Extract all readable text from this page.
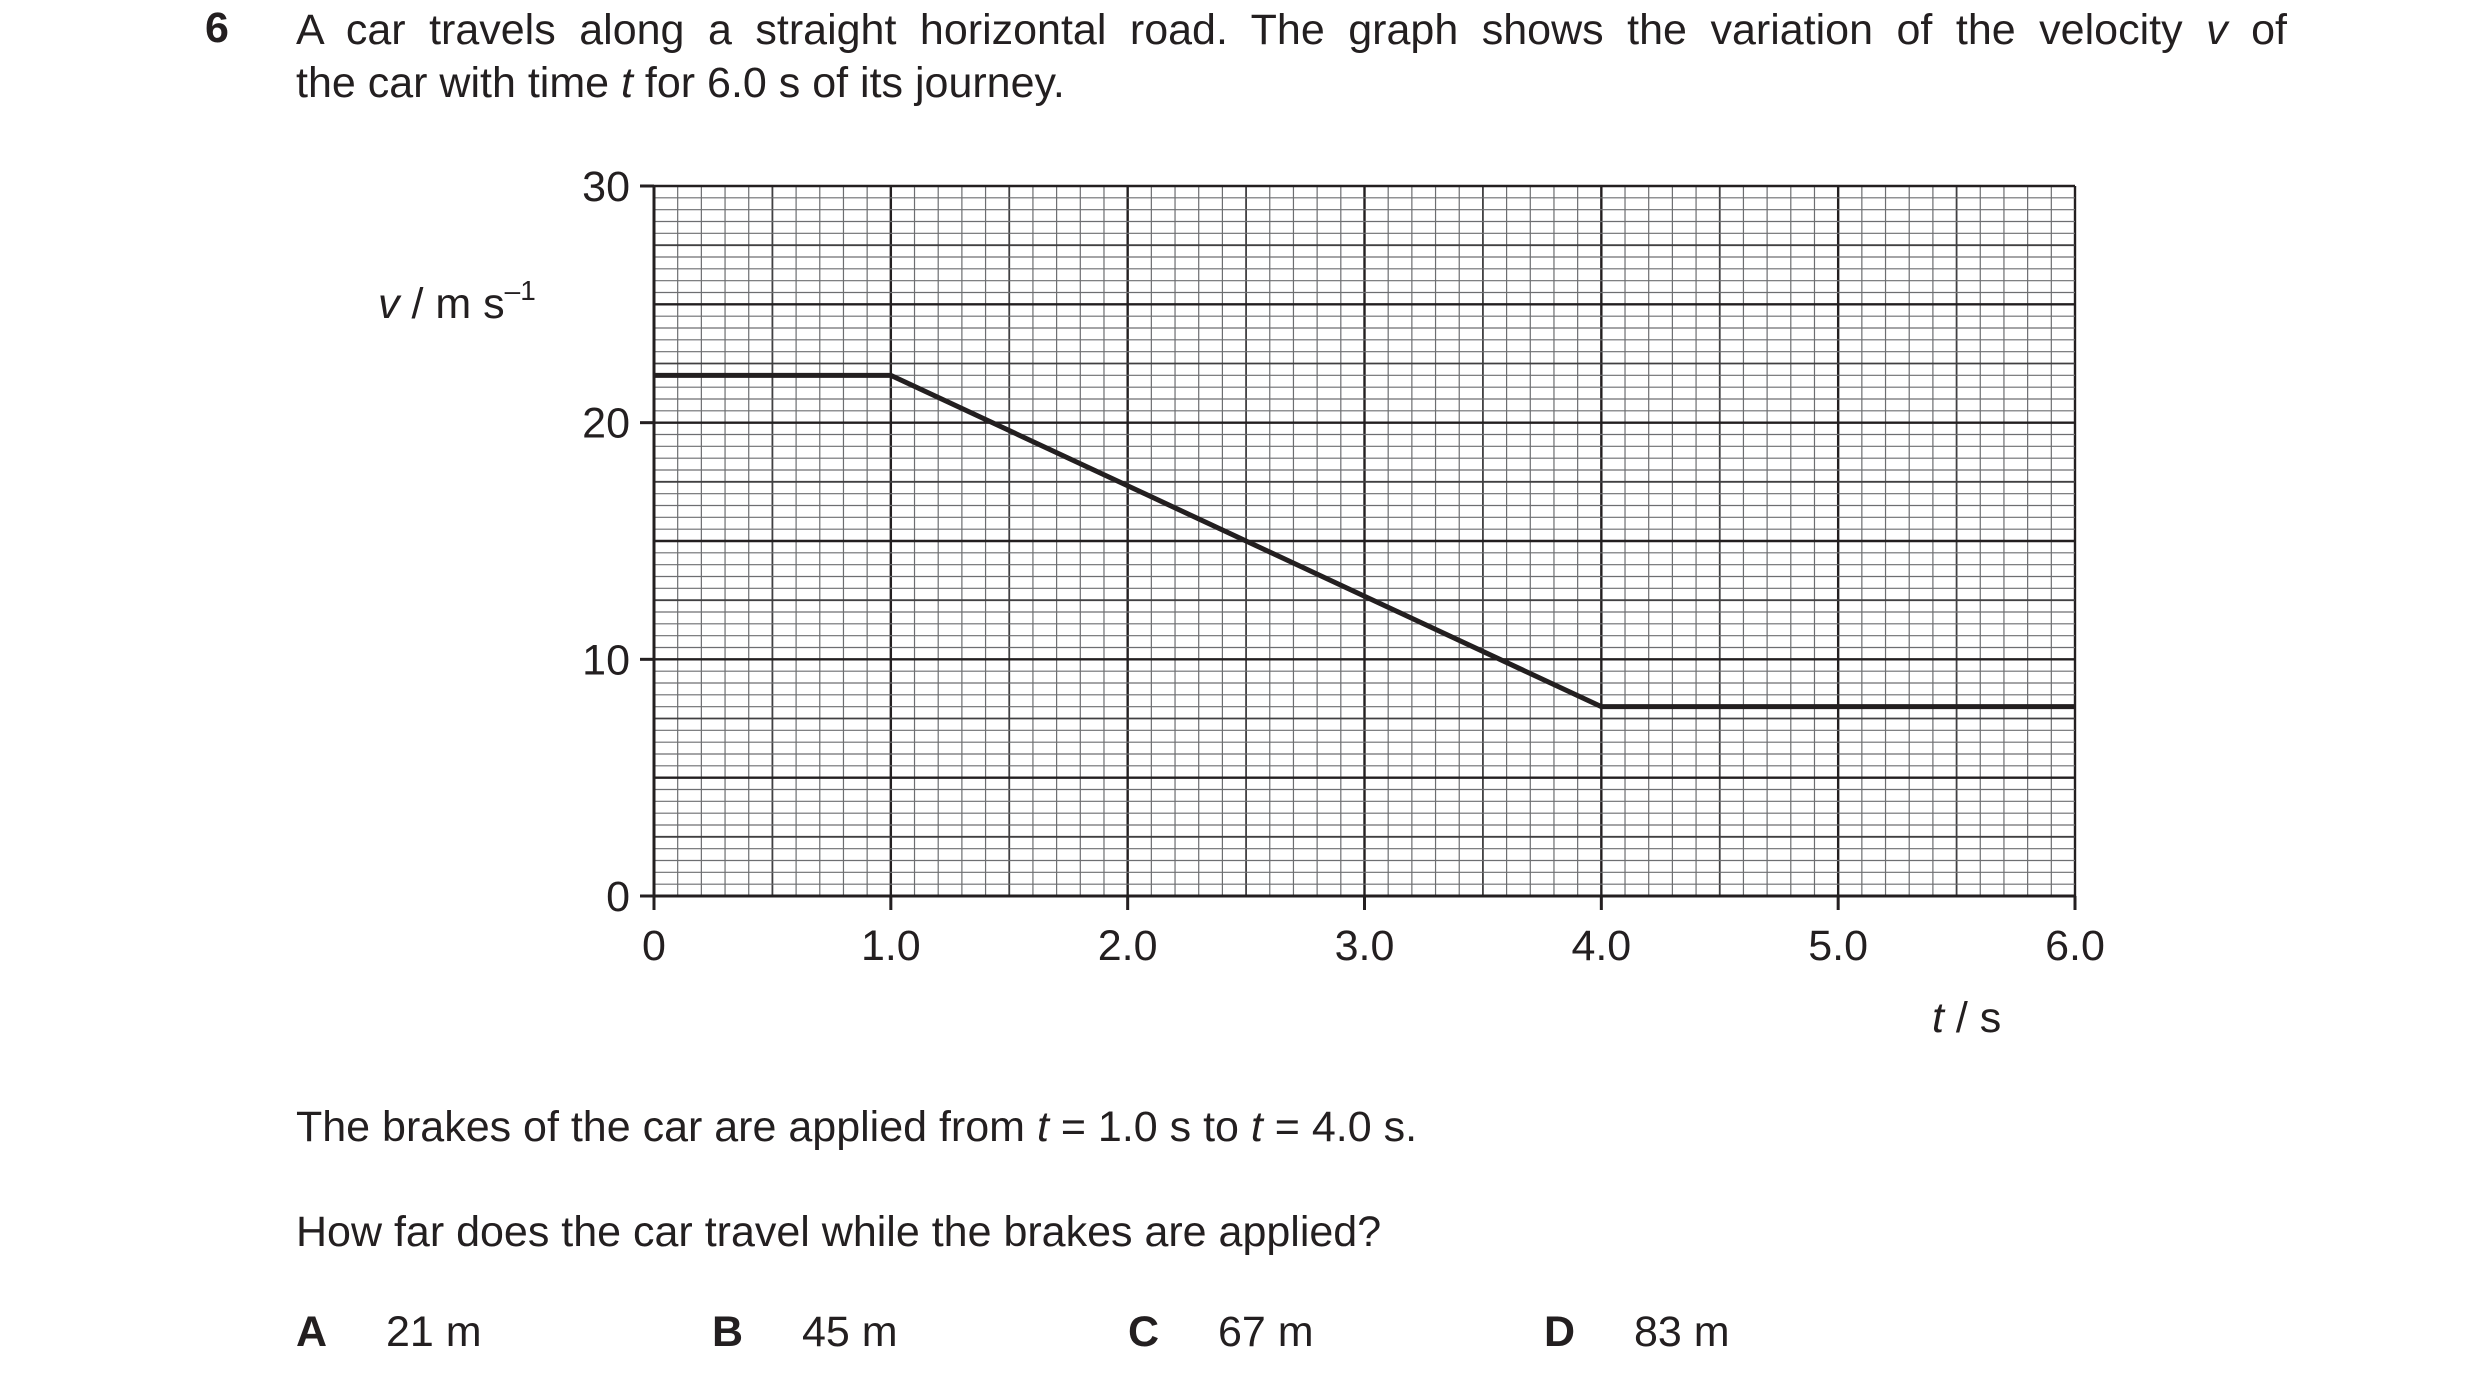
6 A car travels along a straight horizontal road. The graph shows the variation of the velocity v of
the car with time t for 6.0 s of its journey.
0	1.0	2.0	3.0	4.0	5.0	6.0
0
10
20
30
v / m $s^{-1}$
t / s
The brakes of the car are applied from t = 1.0 s to t = 4.0 s.
How far does the car travel while the brakes are applied?
A 21 m	B 45 m	C 67 m	D 83 m
